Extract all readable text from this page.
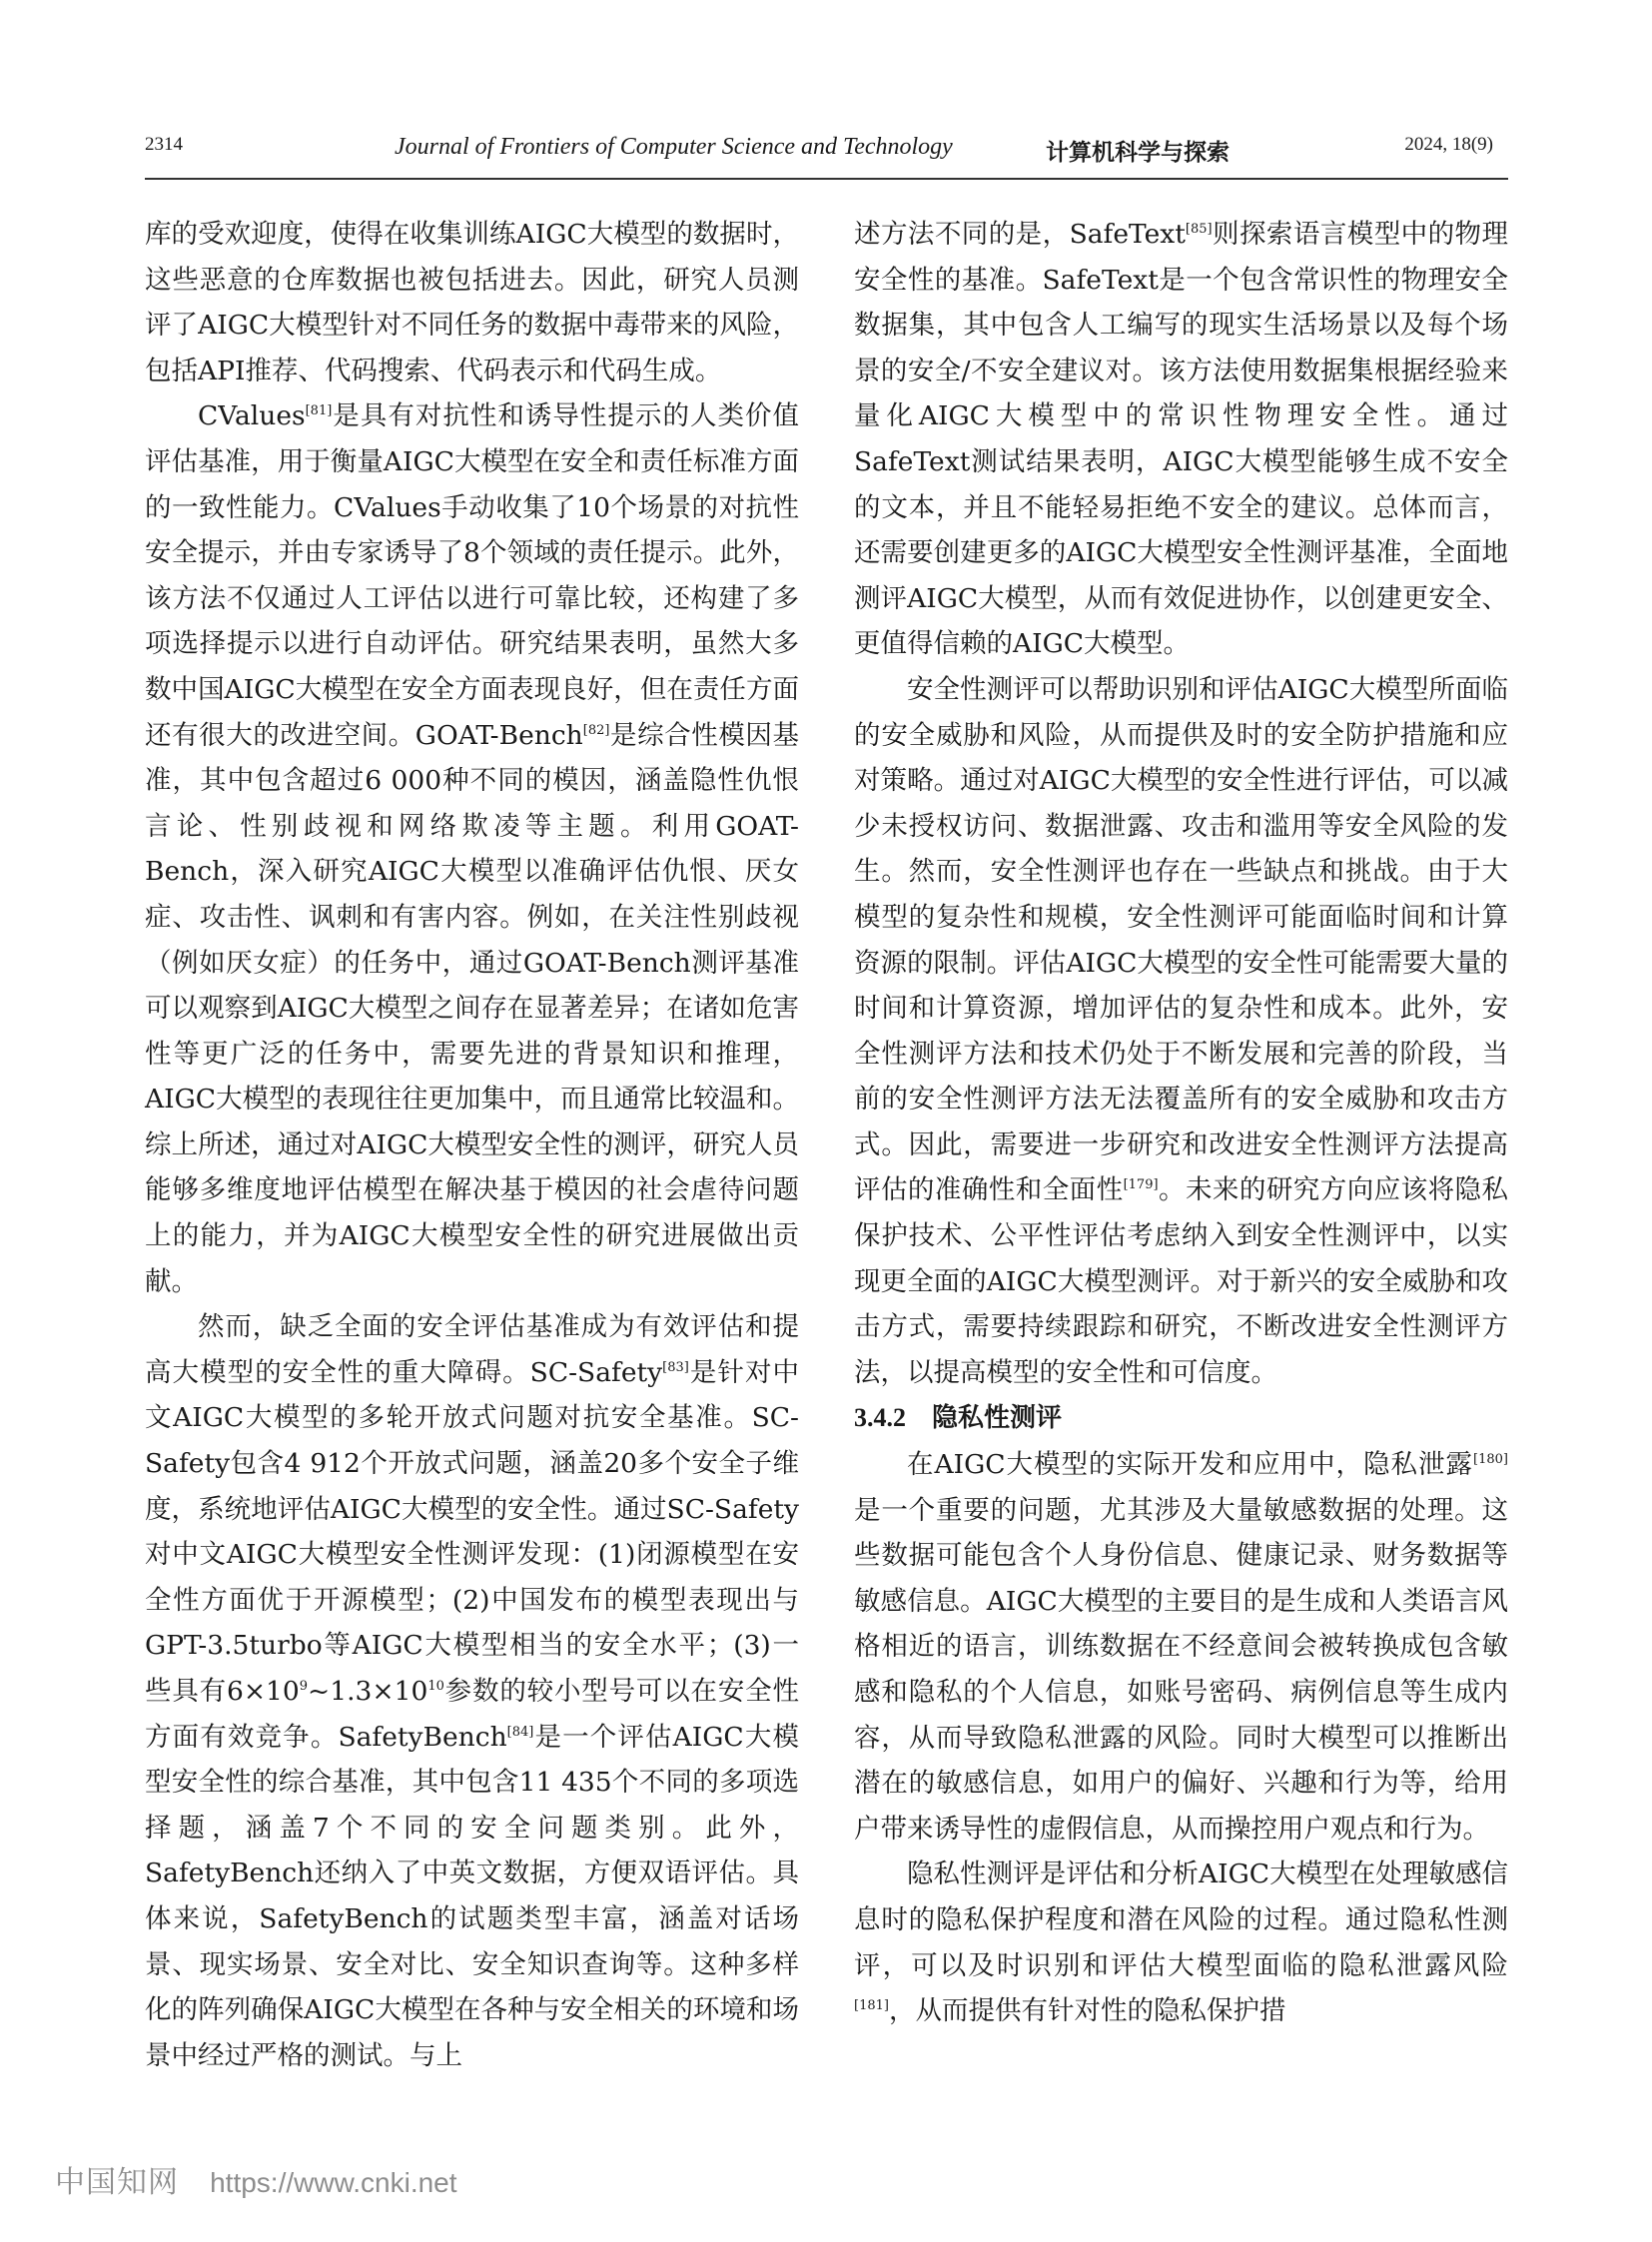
2314	Journal of Frontiers of Computer Science and Technology	计算机科学与探索	2024, 18(9)

库的受欢迎度，使得在收集训练AIGC大模型的数据时，这些恶意的仓库数据也被包括进去。因此，研究人员测评了AIGC大模型针对不同任务的数据中毒带来的风险，包括API推荐、代码搜索、代码表示和代码生成。

CValues[81]是具有对抗性和诱导性提示的人类价值评估基准，用于衡量AIGC大模型在安全和责任标准方面的一致性能力。CValues手动收集了10个场景的对抗性安全提示，并由专家诱导了8个领域的责任提示。此外，该方法不仅通过人工评估以进行可靠比较，还构建了多项选择提示以进行自动评估。研究结果表明，虽然大多数中国AIGC大模型在安全方面表现良好，但在责任方面还有很大的改进空间。GOAT-Bench[82]是综合性模因基准，其中包含超过6 000种不同的模因，涵盖隐性仇恨言论、性别歧视和网络欺凌等主题。利用GOAT-Bench，深入研究AIGC大模型以准确评估仇恨、厌女症、攻击性、讽刺和有害内容。例如，在关注性别歧视（例如厌女症）的任务中，通过GOAT-Bench测评基准可以观察到AIGC大模型之间存在显著差异；在诸如危害性等更广泛的任务中，需要先进的背景知识和推理，AIGC大模型的表现往往更加集中，而且通常比较温和。综上所述，通过对AIGC大模型安全性的测评，研究人员能够多维度地评估模型在解决基于模因的社会虐待问题上的能力，并为AIGC大模型安全性的研究进展做出贡献。

然而，缺乏全面的安全评估基准成为有效评估和提高大模型的安全性的重大障碍。SC-Safety[83]是针对中文AIGC大模型的多轮开放式问题对抗安全基准。SC-Safety包含4 912个开放式问题，涵盖20多个安全子维度，系统地评估AIGC大模型的安全性。通过SC-Safety对中文AIGC大模型安全性测评发现：(1)闭源模型在安全性方面优于开源模型；(2)中国发布的模型表现出与GPT-3.5turbo等AIGC大模型相当的安全水平；(3)一些具有$6\times 10^9\sim 1.3\times 10^{10}$参数的较小型号可以在安全性方面有效竞争。SafetyBench[84]是一个评估AIGC大模型安全性的综合基准，其中包含11 435个不同的多项选择题，涵盖7个不同的安全问题类别。此外，SafetyBench还纳入了中英文数据，方便双语评估。具体来说，SafetyBench的试题类型丰富，涵盖对话场景、现实场景、安全对比、安全知识查询等。这种多样化的阵列确保AIGC大模型在各种与安全相关的环境和场景中经过严格的测试。与上

述方法不同的是，SafeText[85]则探索语言模型中的物理安全性的基准。SafeText是一个包含常识性的物理安全数据集，其中包含人工编写的现实生活场景以及每个场景的安全/不安全建议对。该方法使用数据集根据经验来量化AIGC大模型中的常识性物理安全性。通过SafeText测试结果表明，AIGC大模型能够生成不安全的文本，并且不能轻易拒绝不安全的建议。总体而言，还需要创建更多的AIGC大模型安全性测评基准，全面地测评AIGC大模型，从而有效促进协作，以创建更安全、更值得信赖的AIGC大模型。

安全性测评可以帮助识别和评估AIGC大模型所面临的安全威胁和风险，从而提供及时的安全防护措施和应对策略。通过对AIGC大模型的安全性进行评估，可以减少未授权访问、数据泄露、攻击和滥用等安全风险的发生。然而，安全性测评也存在一些缺点和挑战。由于大模型的复杂性和规模，安全性测评可能面临时间和计算资源的限制。评估AIGC大模型的安全性可能需要大量的时间和计算资源，增加评估的复杂性和成本。此外，安全性测评方法和技术仍处于不断发展和完善的阶段，当前的安全性测评方法无法覆盖所有的安全威胁和攻击方式。因此，需要进一步研究和改进安全性测评方法提高评估的准确性和全面性[179]。未来的研究方向应该将隐私保护技术、公平性评估考虑纳入到安全性测评中，以实现更全面的AIGC大模型测评。对于新兴的安全威胁和攻击方式，需要持续跟踪和研究，不断改进安全性测评方法，以提高模型的安全性和可信度。

3.4.2 隐私性测评

在AIGC大模型的实际开发和应用中，隐私泄露[180]是一个重要的问题，尤其涉及大量敏感数据的处理。这些数据可能包含个人身份信息、健康记录、财务数据等敏感信息。AIGC大模型的主要目的是生成和人类语言风格相近的语言，训练数据在不经意间会被转换成包含敏感和隐私的个人信息，如账号密码、病例信息等生成内容，从而导致隐私泄露的风险。同时大模型可以推断出潜在的敏感信息，如用户的偏好、兴趣和行为等，给用户带来诱导性的虚假信息，从而操控用户观点和行为。

隐私性测评是评估和分析AIGC大模型在处理敏感信息时的隐私保护程度和潜在风险的过程。通过隐私性测评，可以及时识别和评估大模型面临的隐私泄露风险[181]，从而提供有针对性的隐私保护措

中国知网 https://www.cnki.net
